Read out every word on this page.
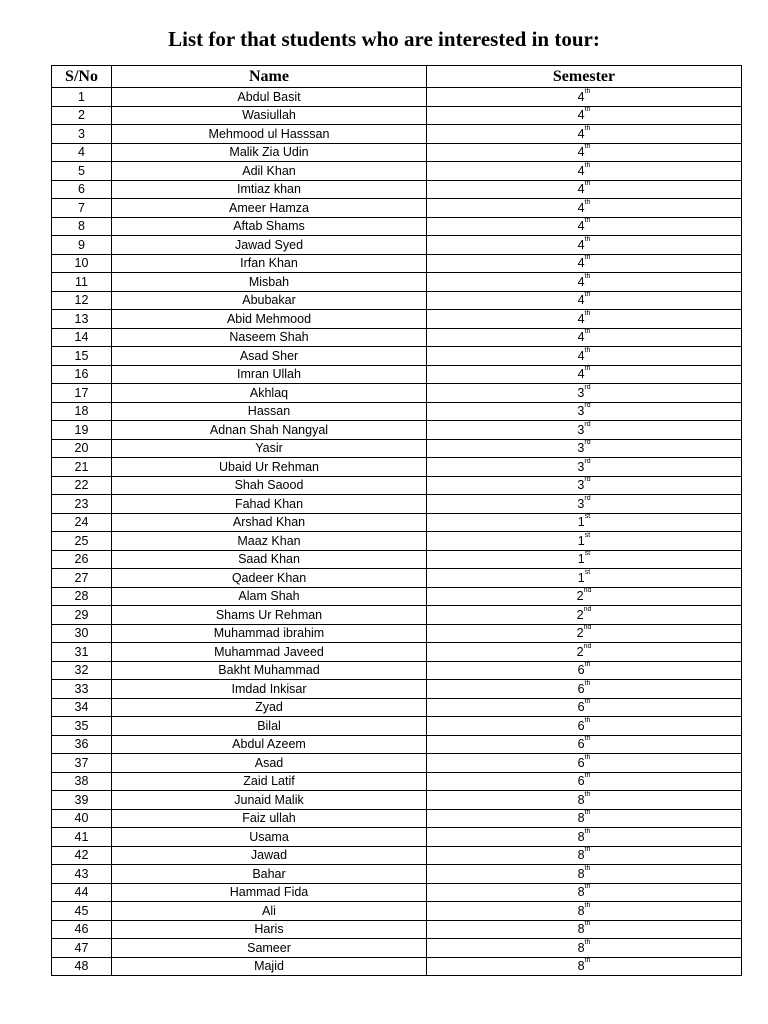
List for that students who are interested in tour:
S/No	Name	Semester
1	Abdul Basit	4th
2	Wasiullah	4th
3	Mehmood ul Hasssan	4th
4	Malik Zia Udin	4th
5	Adil Khan	4th
6	Imtiaz khan	4th
7	Ameer Hamza	4th
8	Aftab Shams	4th
9	Jawad Syed	4th
10	Irfan Khan	4th
11	Misbah	4th
12	Abubakar	4th
13	Abid Mehmood	4th
14	Naseem Shah	4th
15	Asad Sher	4th
16	Imran Ullah	4th
17	Akhlaq	3rd
18	Hassan	3rd
19	Adnan Shah Nangyal	3rd
20	Yasir	3rd
21	Ubaid Ur Rehman	3rd
22	Shah Saood	3rd
23	Fahad Khan	3rd
24	Arshad Khan	1st
25	Maaz Khan	1st
26	Saad Khan	1st
27	Qadeer Khan	1st
28	Alam Shah	2nd
29	Shams Ur Rehman	2nd
30	Muhammad ibrahim	2nd
31	Muhammad Javeed	2nd
32	Bakht Muhammad	6th
33	Imdad Inkisar	6th
34	Zyad	6th
35	Bilal	6th
36	Abdul Azeem	6th
37	Asad	6th
38	Zaid Latif	6th
39	Junaid Malik	8th
40	Faiz ullah	8th
41	Usama	8th
42	Jawad	8th
43	Bahar	8th
44	Hammad Fida	8th
45	Ali	8th
46	Haris	8th
47	Sameer	8th
48	Majid	8th
